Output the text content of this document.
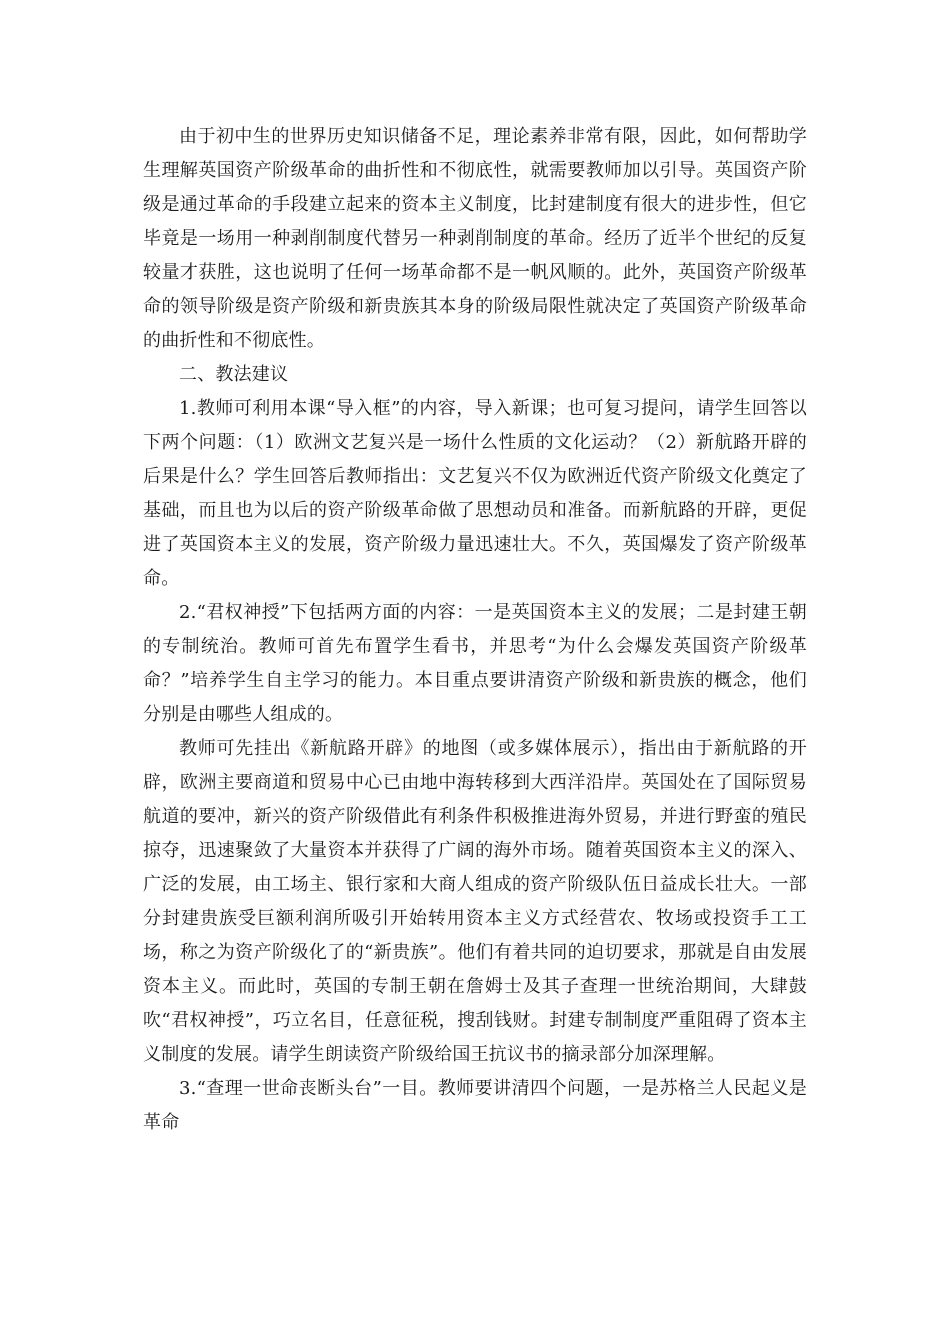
由于初中生的世界历史知识储备不足，理论素养非常有限，因此，如何帮助学生理解英国资产阶级革命的曲折性和不彻底性，就需要教师加以引导。英国资产阶级是通过革命的手段建立起来的资本主义制度，比封建制度有很大的进步性，但它毕竟是一场用一种剥削制度代替另一种剥削制度的革命。经历了近半个世纪的反复较量才获胜，这也说明了任何一场革命都不是一帆风顺的。此外，英国资产阶级革命的领导阶级是资产阶级和新贵族其本身的阶级局限性就决定了英国资产阶级革命的曲折性和不彻底性。

二、教法建议

1.教师可利用本课“导入框”的内容，导入新课；也可复习提问，请学生回答以下两个问题：（1）欧洲文艺复兴是一场什么性质的文化运动？（2）新航路开辟的后果是什么？学生回答后教师指出：文艺复兴不仅为欧洲近代资产阶级文化奠定了基础，而且也为以后的资产阶级革命做了思想动员和准备。而新航路的开辟，更促进了英国资本主义的发展，资产阶级力量迅速壮大。不久，英国爆发了资产阶级革命。

2.“君权神授”下包括两方面的内容：一是英国资本主义的发展；二是封建王朝的专制统治。教师可首先布置学生看书，并思考“为什么会爆发英国资产阶级革命？”培养学生自主学习的能力。本目重点要讲清资产阶级和新贵族的概念，他们分别是由哪些人组成的。

教师可先挂出《新航路开辟》的地图（或多媒体展示），指出由于新航路的开辟，欧洲主要商道和贸易中心已由地中海转移到大西洋沿岸。英国处在了国际贸易航道的要冲，新兴的资产阶级借此有利条件积极推进海外贸易，并进行野蛮的殖民掠夺，迅速聚敛了大量资本并获得了广阔的海外市场。随着英国资本主义的深入、广泛的发展，由工场主、银行家和大商人组成的资产阶级队伍日益成长壮大。一部分封建贵族受巨额利润所吸引开始转用资本主义方式经营农、牧场或投资手工工场，称之为资产阶级化了的“新贵族”。他们有着共同的迫切要求，那就是自由发展资本主义。而此时，英国的专制王朝在詹姆士及其子查理一世统治期间，大肆鼓吹“君权神授”，巧立名目，任意征税，搜刮钱财。封建专制制度严重阻碍了资本主义制度的发展。请学生朗读资产阶级给国王抗议书的摘录部分加深理解。

3.“查理一世命丧断头台”一目。教师要讲清四个问题，一是苏格兰人民起义是革命
